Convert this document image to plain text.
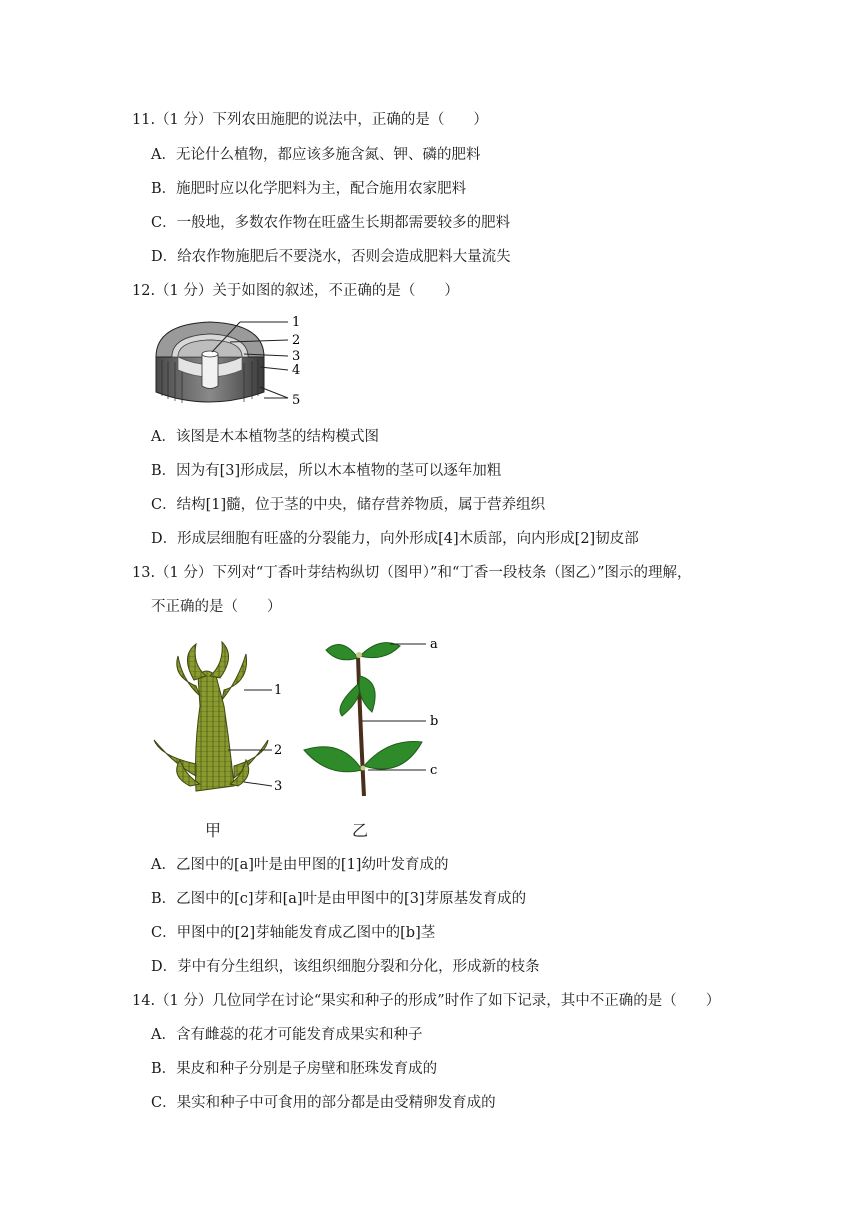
11.（1 分）下列农田施肥的说法中，正确的是（　　）
A．无论什么植物，都应该多施含氮、钾、磷的肥料
B．施肥时应以化学肥料为主，配合施用农家肥料
C．一般地，多数农作物在旺盛生长期都需要较多的肥料
D．给农作物施肥后不要浇水，否则会造成肥料大量流失
12.（1 分）关于如图的叙述，不正确的是（　　）
1
2
3
4
5
A．该图是木本植物茎的结构模式图
B．因为有[3]形成层，所以木本植物的茎可以逐年加粗
C．结构[1]髓，位于茎的中央，储存营养物质，属于营养组织
D．形成层细胞有旺盛的分裂能力，向外形成[4]木质部，向内形成[2]韧皮部
13.（1 分）下列对“丁香叶芽结构纵切（图甲）”和“丁香一段枝条（图乙）”图示的理解，
不正确的是（　　）
1
2
3
甲
a
b
c
乙
A．乙图中的[a]叶是由甲图的[1]幼叶发育成的
B．乙图中的[c]芽和[a]叶是由甲图中的[3]芽原基发育成的
C．甲图中的[2]芽轴能发育成乙图中的[b]茎
D．芽中有分生组织，该组织细胞分裂和分化，形成新的枝条
14.（1 分）几位同学在讨论“果实和种子的形成”时作了如下记录，其中不正确的是（　　）
A．含有雌蕊的花才可能发育成果实和种子
B．果皮和种子分别是子房壁和胚珠发育成的
C．果实和种子中可食用的部分都是由受精卵发育成的
